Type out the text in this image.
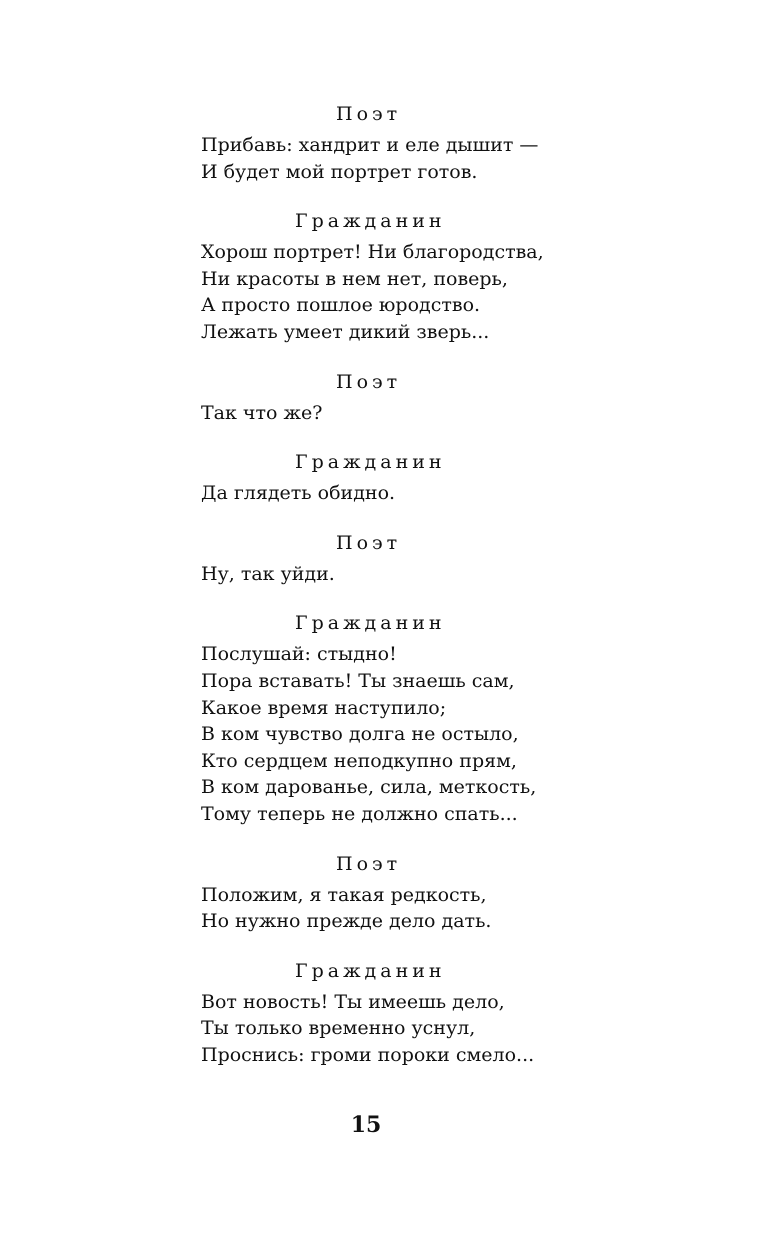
Поэт
Прибавь: хандрит и еле дышит —
И будет мой портрет готов.
Гражданин
Хорош портрет! Ни благородства,
Ни красоты в нем нет, поверь,
А просто пошлое юродство.
Лежать умеет дикий зверь...
Поэт
Так что же?
Гражданин
Да глядеть обидно.
Поэт
Ну, так уйди.
Гражданин
Послушай: стыдно!
Пора вставать! Ты знаешь сам,
Какое время наступило;
В ком чувство долга не остыло,
Кто сердцем неподкупно прям,
В ком дарованье, сила, меткость,
Тому теперь не должно спать...
Поэт
Положим, я такая редкость,
Но нужно прежде дело дать.
Гражданин
Вот новость! Ты имеешь дело,
Ты только временно уснул,
Проснись: громи пороки смело...
15
